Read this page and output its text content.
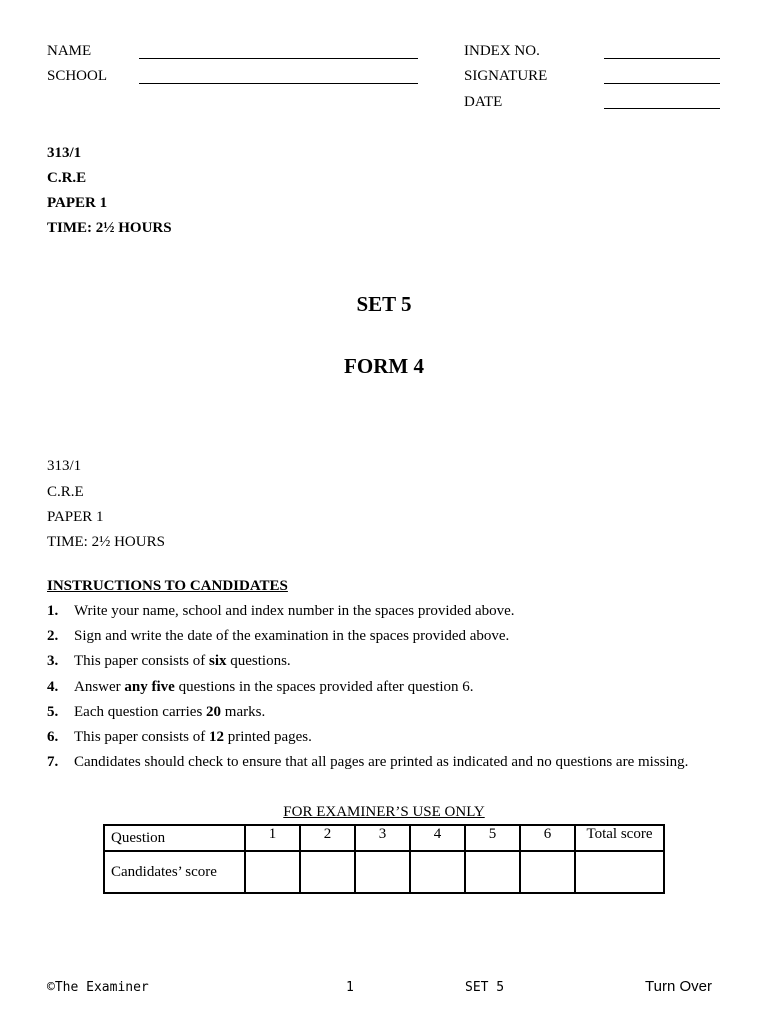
NAME
SCHOOL
INDEX NO.
SIGNATURE
DATE
313/1
C.R.E
PAPER 1
TIME: 2½ HOURS
SET 5
FORM 4
313/1
C.R.E
PAPER 1
TIME: 2½ HOURS
INSTRUCTIONS TO CANDIDATES
1. Write your name, school and index number in the spaces provided above.
2. Sign and write the date of the examination in the spaces provided above.
3. This paper consists of six questions.
4. Answer any five questions in the spaces provided after question 6.
5. Each question carries 20 marks.
6. This paper consists of 12 printed pages.
7. Candidates should check to ensure that all pages are printed as indicated and no questions are missing.
FOR EXAMINER’S USE ONLY
Question	1	2	3	4	5	6	Total score
Candidates’ score							
©The Examiner	1	SET 5	Turn Over
